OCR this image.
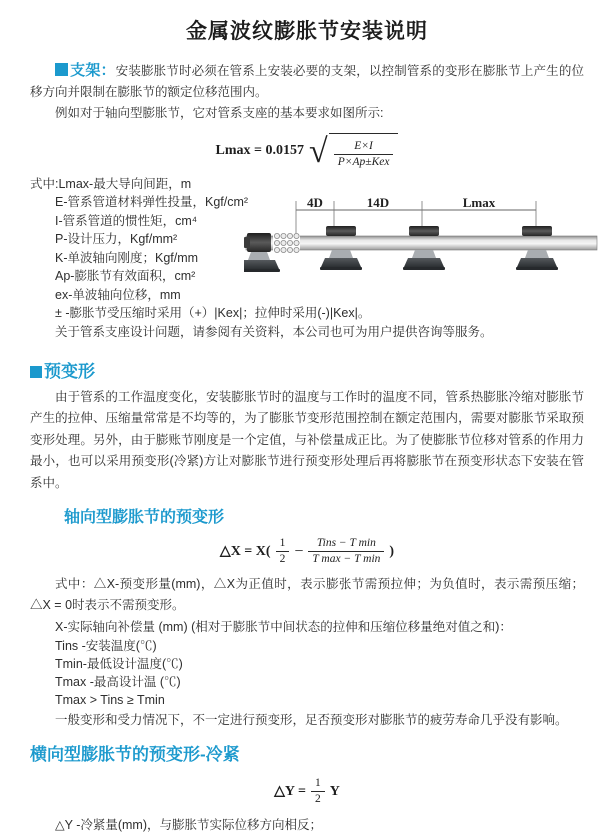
金属波纹膨胀节安装说明

支架：安装膨胀节时必须在管系上安装必要的支架，以控制管系的变形在膨胀节上产生的位移方向并限制在膨胀节的额定位移范围内。

例如对于轴向型膨胀节，它对管系支座的基本要求如图所示:

Lmax = 0.0157 √ $\frac{E\times I}{\text{P×Ap±Kex}}$
式中:Lmax-最大导向间距，m
E-管系管道材料弹性投量，Kgf/cm²
I-管系管道的惯性矩，cm⁴
P-设计压力，Kgf/mm²
K-单波轴向刚度；Kgf/mm
Ap-膨胀节有效面积，cm²
ex-单波轴向位移，mm
± -膨胀节受压缩时采用（+）|Kex|；拉伸时采用(-)|Kex|。
关于管系支座设计问题，请参阅有关资料，本公司也可为用户提供咨询等服务。
4D	14D	Lmax
预变形

由于管系的工作温度变化，安装膨胀节时的温度与工作时的温度不同，管系热膨胀冷缩对膨胀节产生的拉伸、压缩量常常是不均等的，为了膨胀节变形范围控制在额定范围内，需要对膨胀节采取预变形处理。另外，由于膨账节刚度是一个定值，与补偿量成正比。为了使膨胀节位移对管系的作用力最小，也可以采用预变形(冷紧)方让对膨胀节进行预变形处理后再将膨胀节在预变形状态下安装在管系中。

轴向型膨胀节的预变形
△X = $X( \frac{1}{2} - \frac{\text{Tins − T min}}{\text{T max − T min}}$ )

式中：△X-预变形量(mm)，△X为正值时，表示膨张节需预拉伸；为负值时，表示需预压缩；△X = 0时表示不需预变形。

X-实际轴向补偿量 (mm) (相对于膨胀节中间状态的拉伸和压缩位移量绝对值之和)：
Tins -安装温度(℃)
Tmin-最低设计温度(℃)
Tmax -最高设计温 (℃)
Tmax > Tins ≥ Tmin
一般变形和受力情况下，不一定进行预变形，足否预变形对膨胀节的疲劳寿命几乎没有影响。
横向型膨胀节的预变形-冷紧
△Y = $\frac{1}{2}$ Y
△Y -冷紧量(mm)，与膨胀节实际位移方向相反；
